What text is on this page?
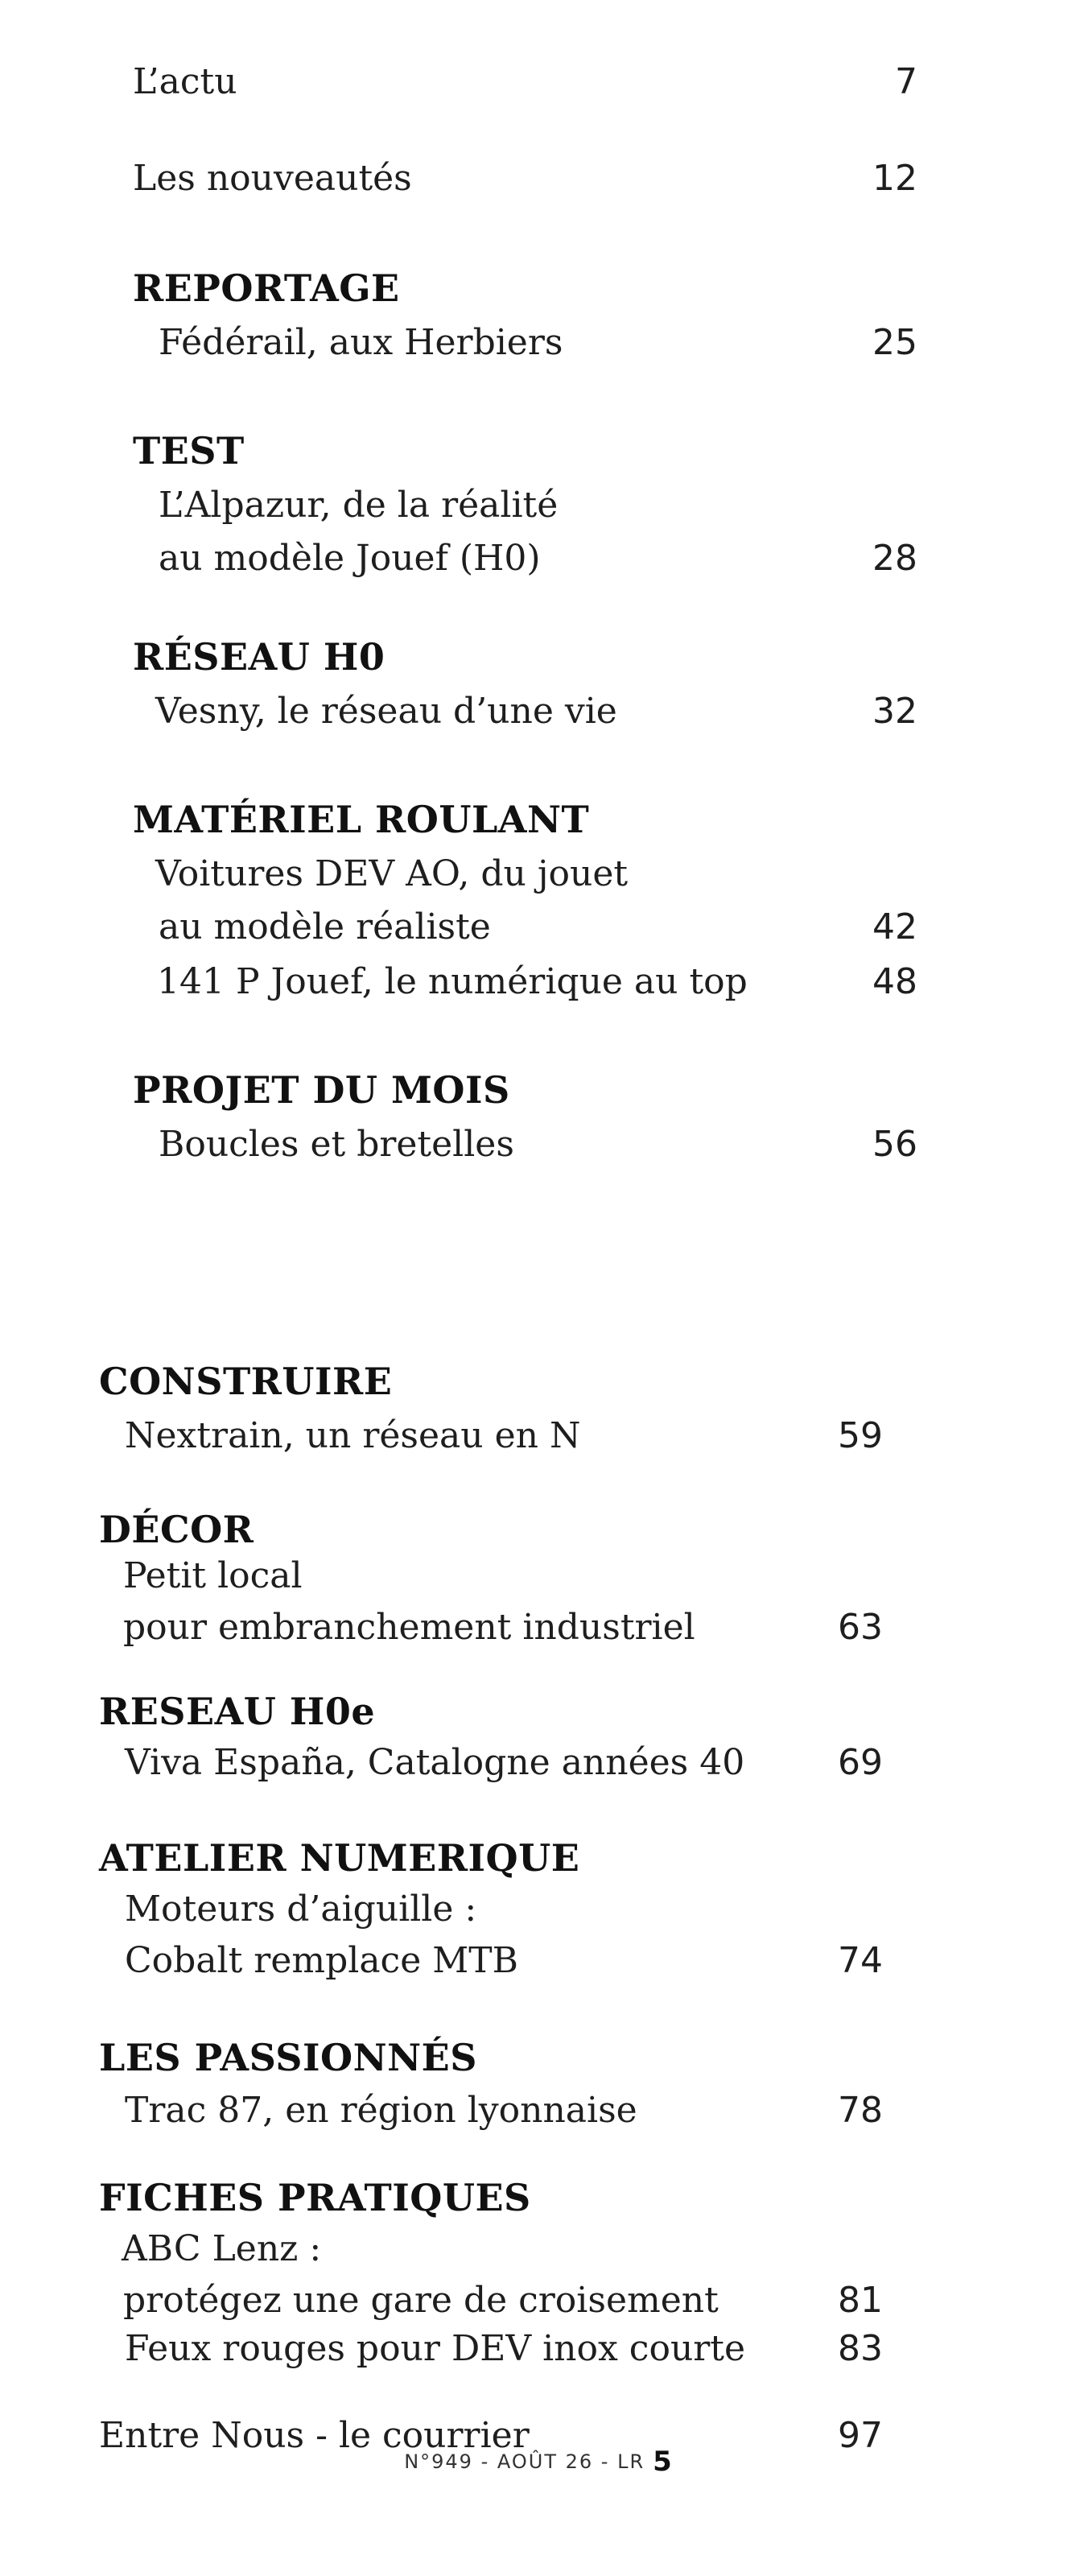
L’actu	7
Les nouveautés	12
REPORTAGE
Fédérail, aux Herbiers	25
TEST
L’Alpazur, de la réalité
au modèle Jouef (H0)	28
RÉSEAU H0
Vesny, le réseau d’une vie	32
MATÉRIEL ROULANT
Voitures DEV AO, du jouet
au modèle réaliste	42
141 P Jouef, le numérique au top	48
PROJET DU MOIS
Boucles et bretelles	56
CONSTRUIRE
Nextrain, un réseau en N	59
DÉCOR
Petit local
pour embranchement industriel	63
RESEAU H0e
Viva España, Catalogne années 40	69
ATELIER NUMERIQUE
Moteurs d’aiguille :
Cobalt remplace MTB	74
LES PASSIONNÉS
Trac 87, en région lyonnaise	78
FICHES PRATIQUES
ABC Lenz :
protégez une gare de croisement	81
Feux rouges pour DEV inox courte	83
Entre Nous - le courrier	97
N°949 - AOÛT 26 - LR 5
